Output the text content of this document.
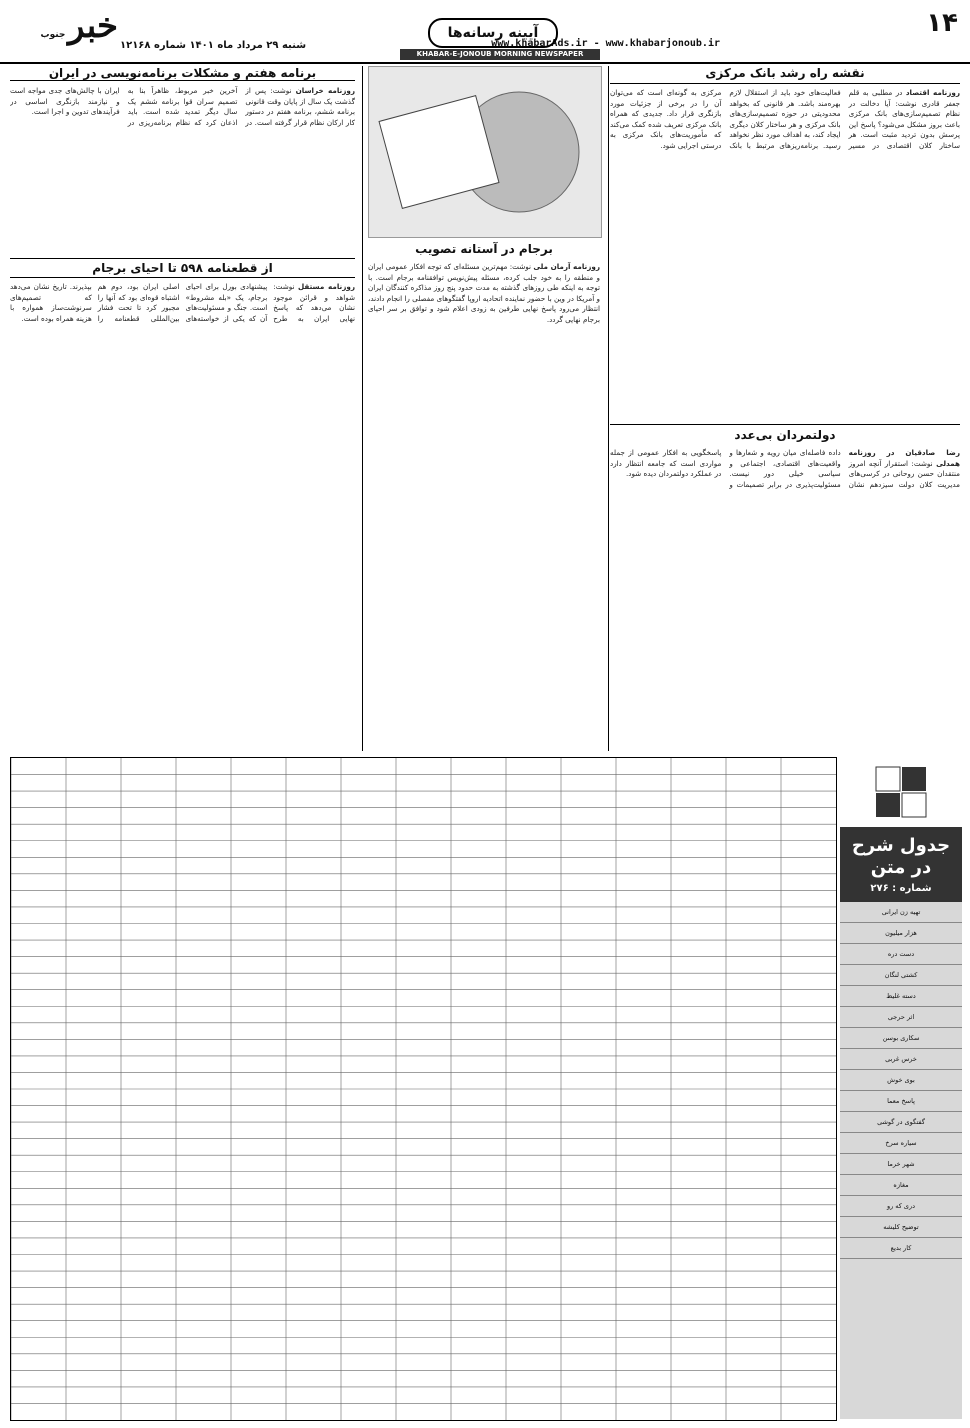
۱۴
www.khabarAds.ir - www.khabarjonoub.ir
آیینه رسانه‌ها
KHABAR-E-JONOUB MORNING NEWSPAPER
خبر جنوب
شنبه ۲۹ مرداد ماه ۱۴۰۱ شماره ۱۲۱۶۸
نقشه راه رشد بانک مرکزی
روزنامه اقتصاد در مطلبی به قلم جعفر قادری نوشت: آیا دخالت در نظام تصمیم‌سازی‌های بانک مرکزی باعث بروز مشکل می‌شود؟ پاسخ این پرسش بدون تردید مثبت است. هر ساختار کلان اقتصادی در مسیر فعالیت‌های خود باید از استقلال لازم بهره‌مند باشد. هر قانونی که بخواهد محدودیتی در حوزه تصمیم‌سازی‌های بانک مرکزی و هر ساختار کلان دیگری ایجاد کند، به اهداف مورد نظر نخواهد رسید. برنامه‌ریزهای مرتبط با بانک مرکزی به گونه‌ای است که می‌توان آن را در برخی از جزئیات مورد بازنگری قرار داد. جدیدی که همراه بانک مرکزی تعریف شده کمک می‌کند که مأموریت‌های بانک مرکزی به درستی اجرایی شود.
دولتمردان بی‌عدد
رضا صادقیان در روزنامه همدلی نوشت: استقرار آنچه امروز منتقدان حسن روحانی در کرسی‌های مدیریت کلان دولت سیزدهم نشان داده فاصله‌ای میان رویه و شعارها و واقعیت‌های اقتصادی، اجتماعی و سیاسی خیلی دور نیست. مسئولیت‌پذیری در برابر تصمیمات و پاسخگویی به افکار عمومی از جمله مواردی است که جامعه انتظار دارد در عملکرد دولتمردان دیده شود.
برجام در آستانه تصویب
روزنامه آرمان ملی نوشت: مهم‌ترین مسئله‌ای که توجه افکار عمومی ایران و منطقه را به خود جلب کرده، مسئله پیش‌نویس توافقنامه برجام است. با توجه به اینکه طی روزهای گذشته به مدت حدود پنج روز مذاکره کنندگان ایران و آمریکا در وین با حضور نماینده اتحادیه اروپا گفتگوهای مفصلی را انجام دادند، انتظار می‌رود پاسخ نهایی طرفین به زودی اعلام شود و توافق بر سر احیای برجام نهایی گردد.
برنامه هفتم و مشکلات برنامه‌نویسی در ایران
روزنامه خراسان نوشت: پس از گذشت یک سال از پایان وقت قانونی برنامه ششم، برنامه هفتم در دستور کار ارکان نظام قرار گرفته است. در آخرین خبر مربوط، ظاهراً بنا به تصمیم سران قوا برنامه ششم یک سال دیگر تمدید شده است. باید اذعان کرد که نظام برنامه‌ریزی در ایران با چالش‌های جدی مواجه است و نیازمند بازنگری اساسی در فرآیندهای تدوین و اجرا است.
از قطعنامه ۵۹۸ تا احیای برجام
روزنامه مستقل نوشت: شواهد و قرائن موجود نشان می‌دهد که پاسخ نهایی ایران به طرح پیشنهادی بورل برای احیای برجام، یک «بله مشروط» است. جنگ و مسئولیت‌های آن که یکی از خواسته‌های اصلی ایران بود، دوم هم اشتباه قوه‌ای بود که آنها را مجبور کرد تا تحت فشار بین‌المللی قطعنامه را بپذیرند. تاریخ نشان می‌دهد که تصمیم‌های سرنوشت‌ساز همواره با هزینه همراه بوده است.
جدول شرح در متن
شماره : ۲۷۶
تهیه زن ایرانی
هزار میلیون
دست دره
کشتی لنگان
دسته غلیظ
اثر حرجی
سکاری بوسن
خرس غربی
بوی خوش
پاسخ معما
گفتگوی در گوشی
سیاره سرخ
شهر خرما
مغازه
دری که رو
توضیح کلیشه
کار بدیع
